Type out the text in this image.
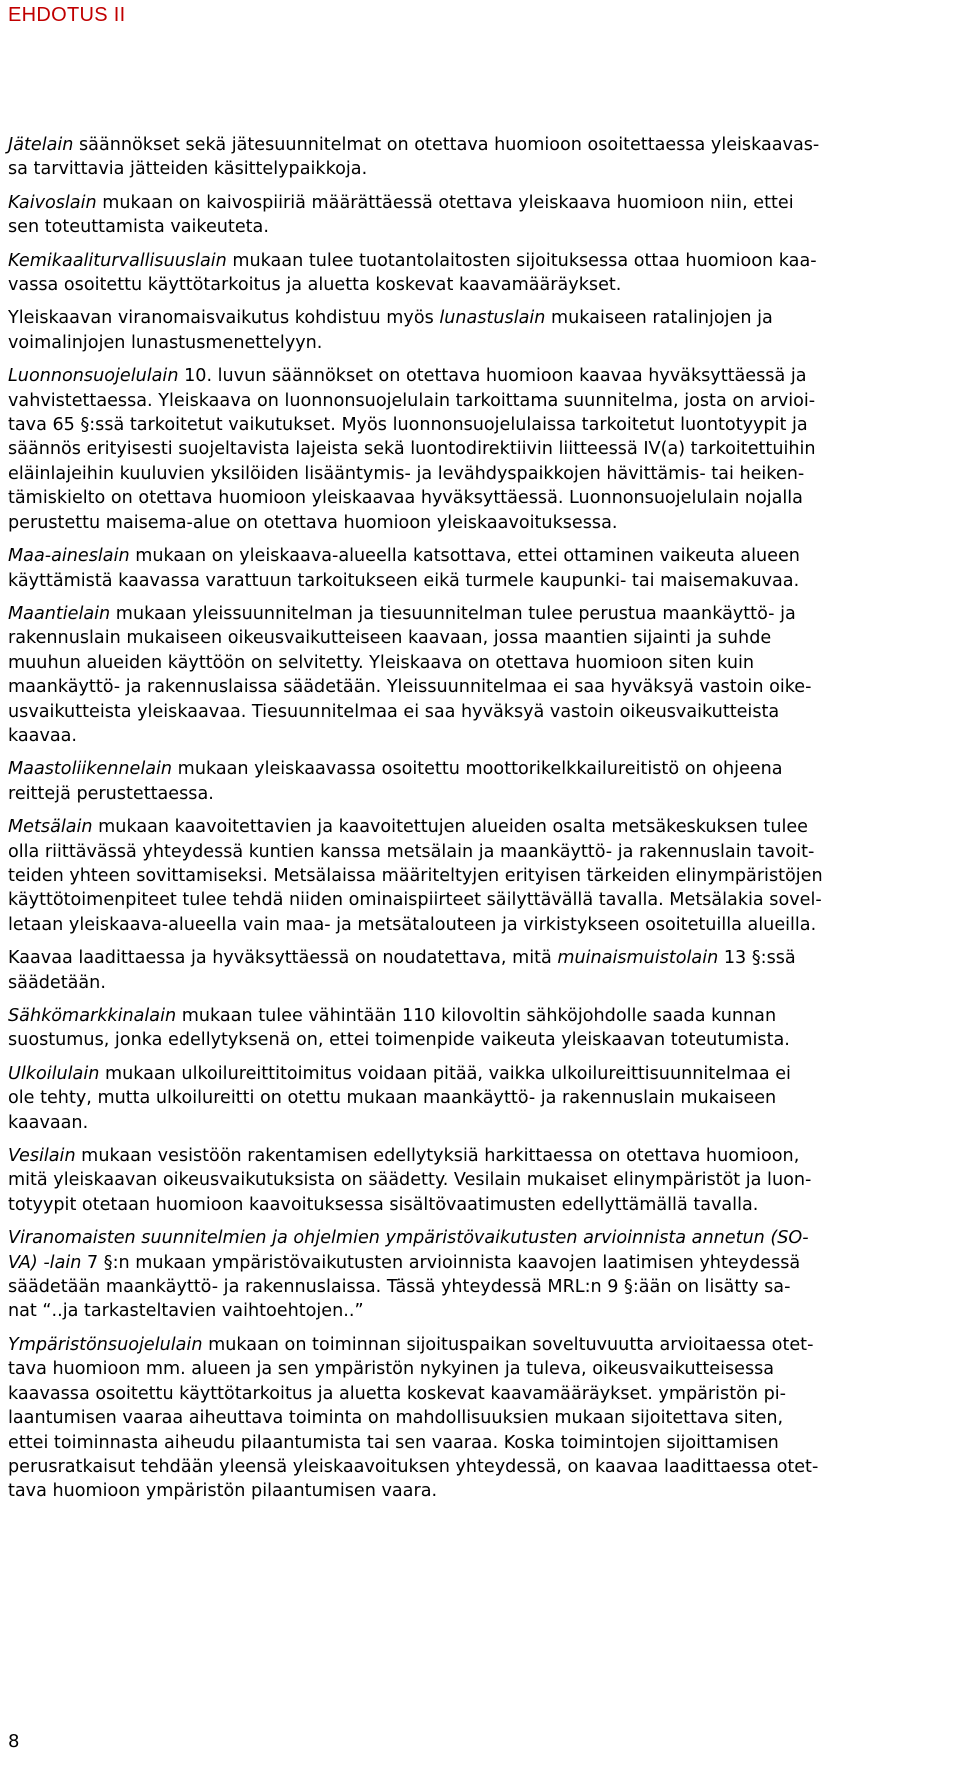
EHDOTUS II
Jätelain säännökset sekä jätesuunnitelmat on otettava huomioon osoitettaessa yleiskaavas-
sa tarvittavia jätteiden käsittelypaikkoja.
Kaivoslain mukaan on kaivospiiriä määrättäessä otettava yleiskaava huomioon niin, ettei
sen toteuttamista vaikeuteta.
Kemikaaliturvallisuuslain mukaan tulee tuotantolaitosten sijoituksessa ottaa huomioon kaa-
vassa osoitettu käyttötarkoitus ja aluetta koskevat kaavamääräykset.
Yleiskaavan viranomaisvaikutus kohdistuu myös lunastuslain mukaiseen ratalinjojen ja
voimalinjojen lunastusmenettelyyn.
Luonnonsuojelulain 10. luvun säännökset on otettava huomioon kaavaa hyväksyttäessä ja
vahvistettaessa. Yleiskaava on luonnonsuojelulain tarkoittama suunnitelma, josta on arvioi-
tava 65 §:ssä tarkoitetut vaikutukset. Myös luonnonsuojelulaissa tarkoitetut luontotyypit ja
säännös erityisesti suojeltavista lajeista sekä luontodirektiivin liitteessä IV(a) tarkoitettuihin
eläinlajeihin kuuluvien yksilöiden lisääntymis- ja levähdyspaikkojen hävittämis- tai heiken-
tämiskielto on otettava huomioon yleiskaavaa hyväksyttäessä. Luonnonsuojelulain nojalla
perustettu maisema-alue on otettava huomioon yleiskaavoituksessa.
Maa-aineslain mukaan on yleiskaava-alueella katsottava, ettei ottaminen vaikeuta alueen
käyttämistä kaavassa varattuun tarkoitukseen eikä turmele kaupunki- tai maisemakuvaa.
Maantielain mukaan yleissuunnitelman ja tiesuunnitelman tulee perustua maankäyttö- ja
rakennuslain mukaiseen oikeusvaikutteiseen kaavaan, jossa maantien sijainti ja suhde
muuhun alueiden käyttöön on selvitetty. Yleiskaava on otettava huomioon siten kuin
maankäyttö- ja rakennuslaissa säädetään. Yleissuunnitelmaa ei saa hyväksyä vastoin oike-
usvaikutteista yleiskaavaa. Tiesuunnitelmaa ei saa hyväksyä vastoin oikeusvaikutteista
kaavaa.
Maastoliikennelain mukaan yleiskaavassa osoitettu moottorikelkkailureitistö on ohjeena
reittejä perustettaessa.
Metsälain mukaan kaavoitettavien ja kaavoitettujen alueiden osalta metsäkeskuksen tulee
olla riittävässä yhteydessä kuntien kanssa metsälain ja maankäyttö- ja rakennuslain tavoit-
teiden yhteen sovittamiseksi. Metsälaissa määriteltyjen erityisen tärkeiden elinympäristöjen
käyttötoimenpiteet tulee tehdä niiden ominaispiirteet säilyttävällä tavalla. Metsälakia sovel-
letaan yleiskaava-alueella vain maa- ja metsätalouteen ja virkistykseen osoitetuilla alueilla.
Kaavaa laadittaessa ja hyväksyttäessä on noudatettava, mitä muinaismuistolain 13 §:ssä
säädetään.
Sähkömarkkinalain mukaan tulee vähintään 110 kilovoltin sähköjohdolle saada kunnan
suostumus, jonka edellytyksenä on, ettei toimenpide vaikeuta yleiskaavan toteutumista.
Ulkoilulain mukaan ulkoilureittitoimitus voidaan pitää, vaikka ulkoilureittisuunnitelmaa ei
ole tehty, mutta ulkoilureitti on otettu mukaan maankäyttö- ja rakennuslain mukaiseen
kaavaan.
Vesilain mukaan vesistöön rakentamisen edellytyksiä harkittaessa on otettava huomioon,
mitä yleiskaavan oikeusvaikutuksista on säädetty. Vesilain mukaiset elinympäristöt ja luon-
totyypit otetaan huomioon kaavoituksessa sisältövaatimusten edellyttämällä tavalla.
Viranomaisten suunnitelmien ja ohjelmien ympäristövaikutusten arvioinnista annetun (SO-
VA) -lain 7 §:n mukaan ympäristövaikutusten arvioinnista kaavojen laatimisen yhteydessä
säädetään maankäyttö- ja rakennuslaissa. Tässä yhteydessä MRL:n 9 §:ään on lisätty sa-
nat “..ja tarkasteltavien vaihtoehtojen..”
Ympäristönsuojelulain mukaan on toiminnan sijoituspaikan soveltuvuutta arvioitaessa otet-
tava huomioon mm. alueen ja sen ympäristön nykyinen ja tuleva, oikeusvaikutteisessa
kaavassa osoitettu käyttötarkoitus ja aluetta koskevat kaavamääräykset. ympäristön pi-
laantumisen vaaraa aiheuttava toiminta on mahdollisuuksien mukaan sijoitettava siten,
ettei toiminnasta aiheudu pilaantumista tai sen vaaraa. Koska toimintojen sijoittamisen
perusratkaisut tehdään yleensä yleiskaavoituksen yhteydessä, on kaavaa laadittaessa otet-
tava huomioon ympäristön pilaantumisen vaara.
8
